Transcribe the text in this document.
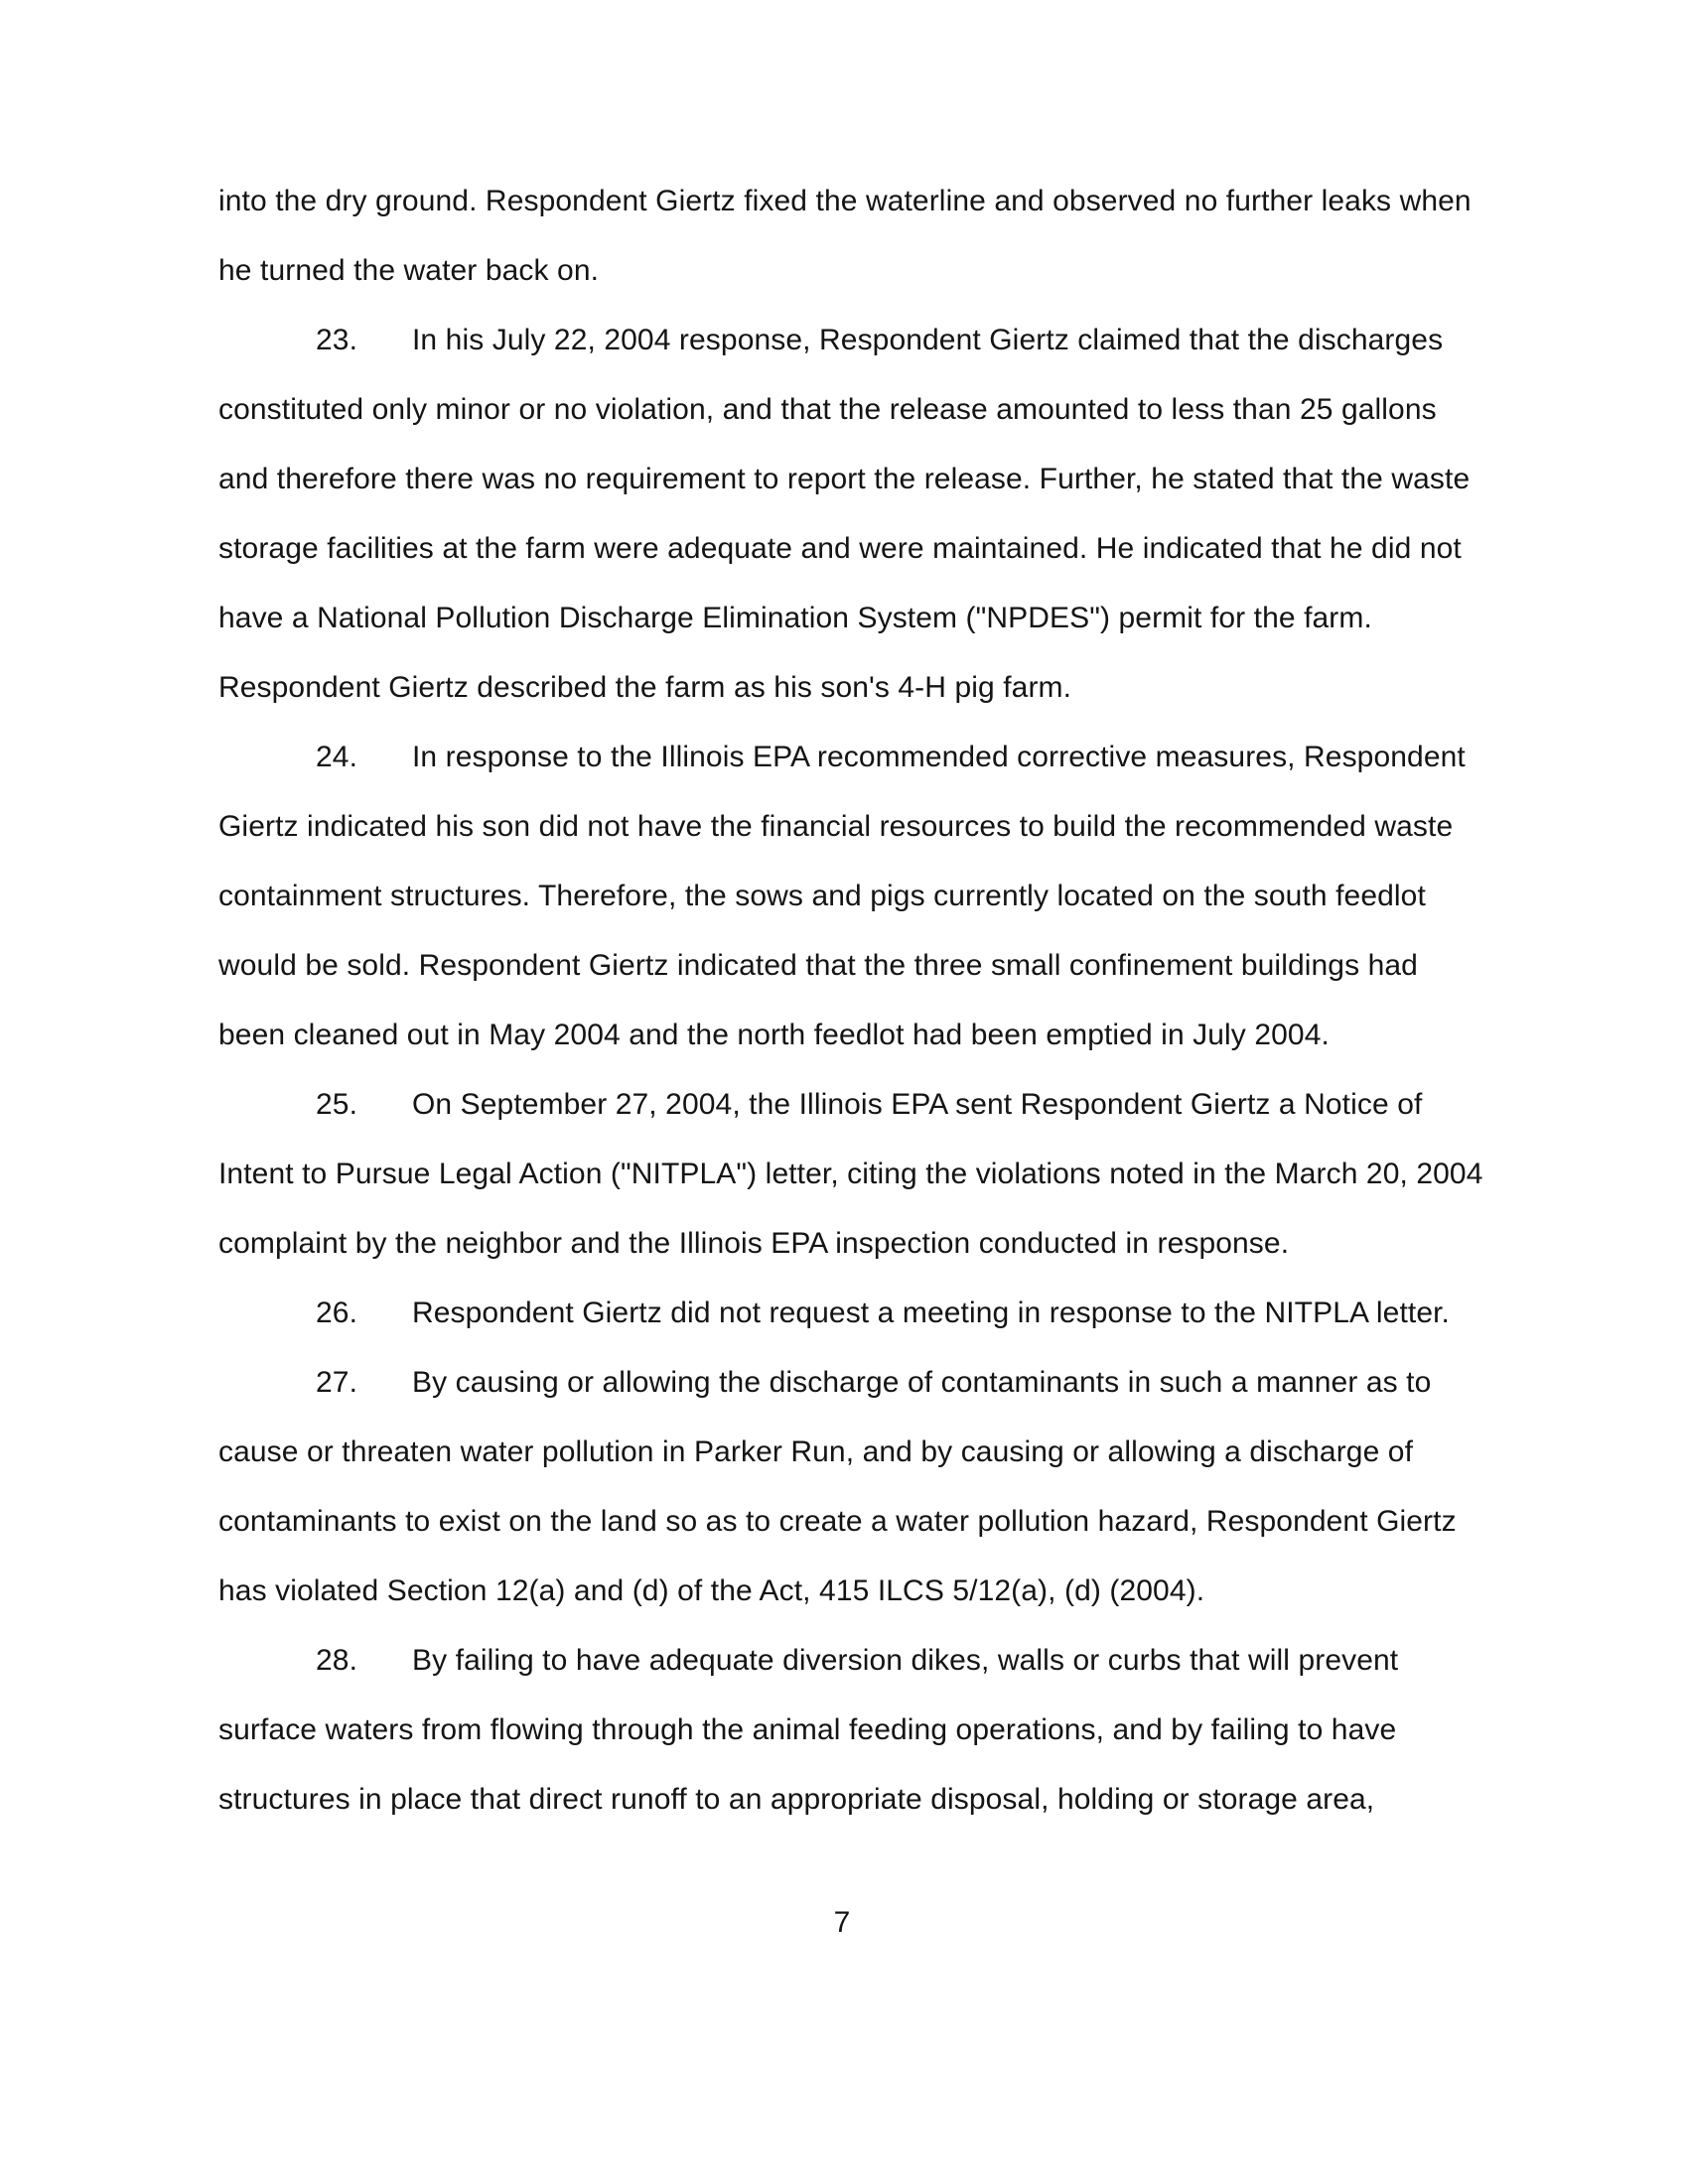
into the dry ground. Respondent Giertz fixed the waterline and observed no further leaks when he turned the water back on.

23. In his July 22, 2004 response, Respondent Giertz claimed that the discharges constituted only minor or no violation, and that the release amounted to less than 25 gallons and therefore there was no requirement to report the release. Further, he stated that the waste storage facilities at the farm were adequate and were maintained. He indicated that he did not have a National Pollution Discharge Elimination System ("NPDES") permit for the farm. Respondent Giertz described the farm as his son's 4-H pig farm.

24. In response to the Illinois EPA recommended corrective measures, Respondent Giertz indicated his son did not have the financial resources to build the recommended waste containment structures. Therefore, the sows and pigs currently located on the south feedlot would be sold. Respondent Giertz indicated that the three small confinement buildings had been cleaned out in May 2004 and the north feedlot had been emptied in July 2004.

25. On September 27, 2004, the Illinois EPA sent Respondent Giertz a Notice of Intent to Pursue Legal Action ("NITPLA") letter, citing the violations noted in the March 20, 2004 complaint by the neighbor and the Illinois EPA inspection conducted in response.

26. Respondent Giertz did not request a meeting in response to the NITPLA letter.

27. By causing or allowing the discharge of contaminants in such a manner as to cause or threaten water pollution in Parker Run, and by causing or allowing a discharge of contaminants to exist on the land so as to create a water pollution hazard, Respondent Giertz has violated Section 12(a) and (d) of the Act, 415 ILCS 5/12(a), (d) (2004).

28. By failing to have adequate diversion dikes, walls or curbs that will prevent surface waters from flowing through the animal feeding operations, and by failing to have structures in place that direct runoff to an appropriate disposal, holding or storage area,

7
